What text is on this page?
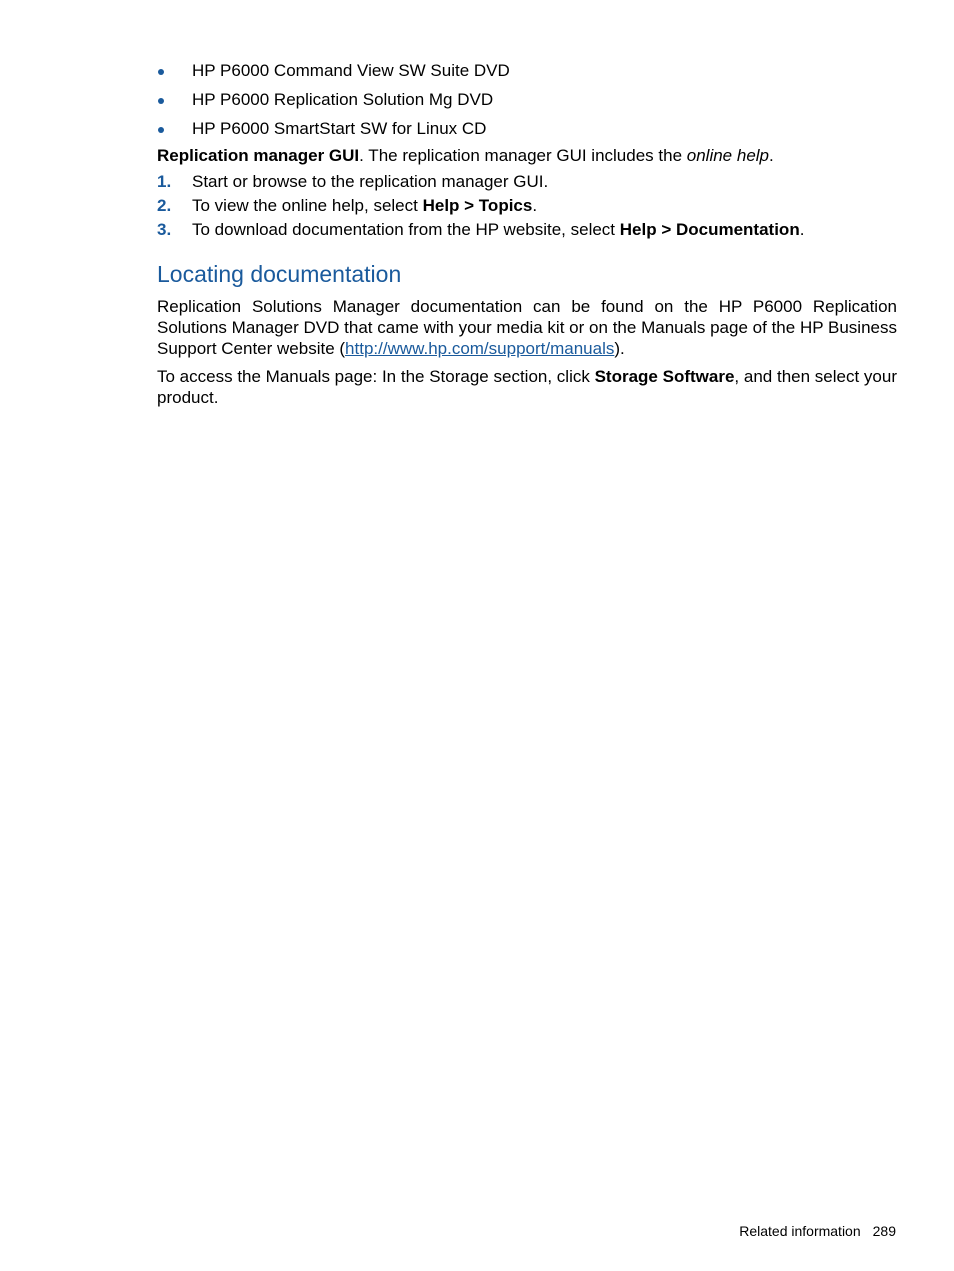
HP P6000 Command View SW Suite DVD
HP P6000 Replication Solution Mg DVD
HP P6000 SmartStart SW for Linux CD

Replication manager GUI. The replication manager GUI includes the online help.

1. Start or browse to the replication manager GUI.
2. To view the online help, select Help > Topics.
3. To download documentation from the HP website, select Help > Documentation.
Locating documentation

Replication Solutions Manager documentation can be found on the HP P6000 Replication Solutions Manager DVD that came with your media kit or on the Manuals page of the HP Business Support Center website (http://www.hp.com/support/manuals).

To access the Manuals page: In the Storage section, click Storage Software, and then select your product.

Related information 289
